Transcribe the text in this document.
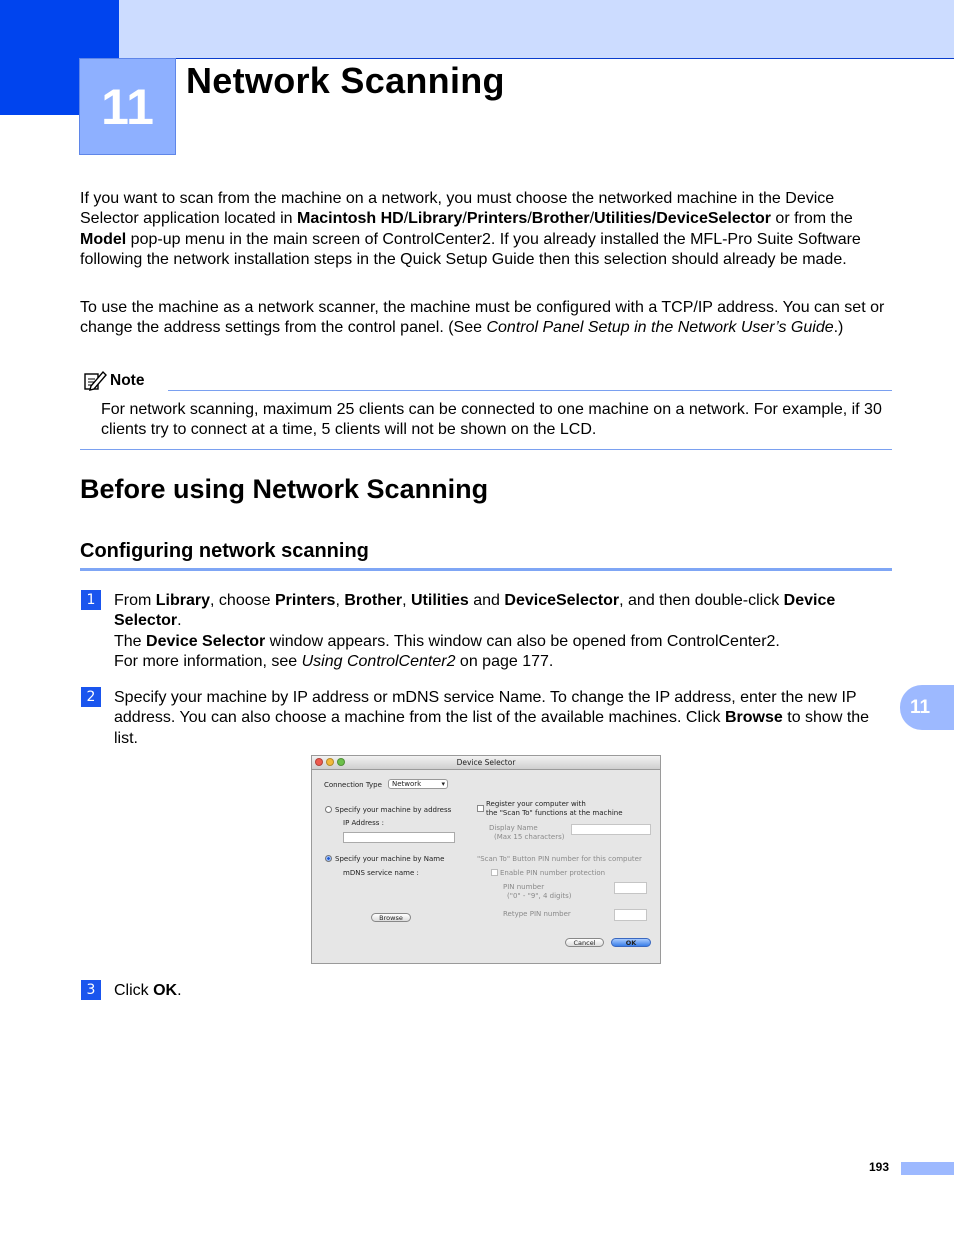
11 Network Scanning
If you want to scan from the machine on a network, you must choose the networked machine in the Device Selector application located in Macintosh HD/Library/Printers/Brother/Utilities/DeviceSelector or from the Model pop-up menu in the main screen of ControlCenter2. If you already installed the MFL-Pro Suite Software following the network installation steps in the Quick Setup Guide then this selection should already be made.
To use the machine as a network scanner, the machine must be configured with a TCP/IP address. You can set or change the address settings from the control panel. (See Control Panel Setup in the Network User’s Guide.)
Note
For network scanning, maximum 25 clients can be connected to one machine on a network. For example, if 30 clients try to connect at a time, 5 clients will not be shown on the LCD.
Before using Network Scanning
Configuring network scanning
1	From Library, choose Printers, Brother, Utilities and DeviceSelector, and then double-click Device Selector.
The Device Selector window appears. This window can also be opened from ControlCenter2.
For more information, see Using ControlCenter2 on page 177.
2	Specify your machine by IP address or mDNS service Name. To change the IP address, enter the new IP address. You can also choose a machine from the list of the available machines. Click Browse to show the list.
Device Selector
Connection Type	Network	▾
Specify your machine by address
IP Address :
Specify your machine by Name
mDNS service name :
Browse
Register your computer with
the "Scan To" functions at the machine
Display Name
(Max 15 characters)
"Scan To" Button PIN number for this computer
Enable PIN number protection
PIN number
("0" - "9", 4 digits)
Retype PIN number
Cancel	OK
3	Click OK.
11
193
